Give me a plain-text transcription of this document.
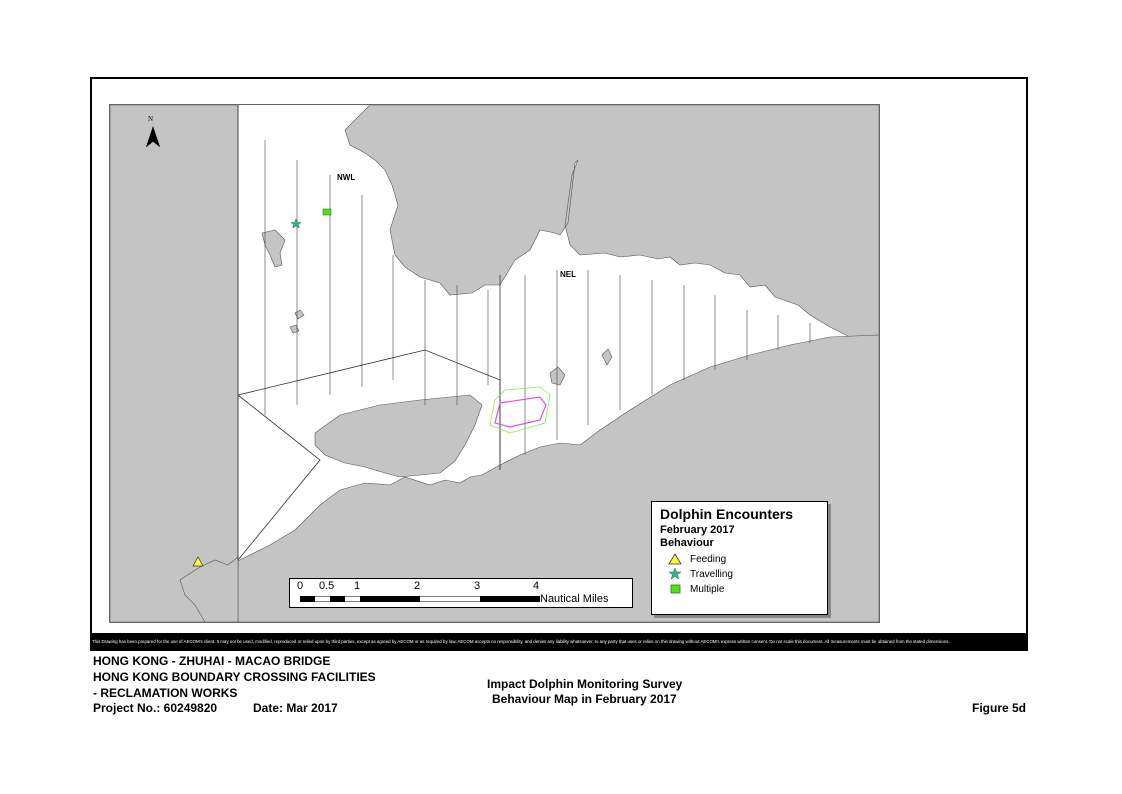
NWL
NEL
N
Dolphin Encounters
February 2017
Behaviour
Feeding
Travelling
Multiple
0 0.5 1	2	3	4
Nautical Miles
This Drawing has been prepared for the use of AECOM's client. It may not be used, modified, reproduced or relied upon by third parties, except as agreed by AECOM or as required by law. AECOM accepts no responsibility, and denies any liability whatsoever, to any party that uses or relies on this drawing without AECOM's express written consent. Do not scale this document. All measurements must be obtained from the stated dimensions.
HONG KONG - ZHUHAI - MACAO BRIDGE
HONG KONG BOUNDARY CROSSING FACILITIES
- RECLAMATION WORKS
Project No.: 60249820	Date: Mar 2017
Impact Dolphin Monitoring Survey
Behaviour Map in February 2017
Figure 5d
